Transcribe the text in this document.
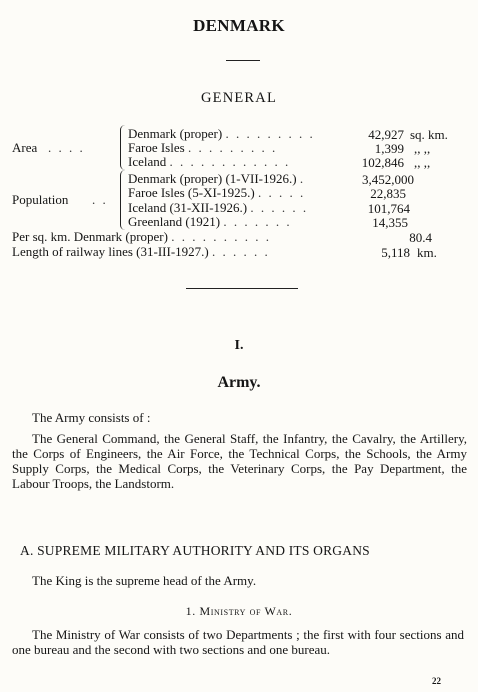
DENMARK
GENERAL
Area . . . .
Denmark (proper) . . . . . . . . .	42,927 sq. km.
Faroe Isles . . . . . . . . .	1,399 ,, ,,
Iceland . . . . . . . . . . . .	102,846 ,, ,,
Population . .
Denmark (proper) (1-VII-1926.) .	3,452,000
Faroe Isles (5-XI-1925.) . . . . .	22,835
Iceland (31-XII-1926.) . . . . . .	101,764
Greenland (1921) . . . . . . .	14,355
Per sq. km. Denmark (proper) . . . . . . . . . .	80.4
Length of railway lines (31-III-1927.) . . . . . .	5,118 km.
I.
Army.
The Army consists of :
The General Command, the General Staff, the Infantry, the Cavalry, the Artillery, the Corps of Engineers, the Air Force, the Technical Corps, the Schools, the Army Supply Corps, the Medical Corps, the Veterinary Corps, the Pay Department, the Labour Troops, the Landstorm.
A. SUPREME MILITARY AUTHORITY AND ITS ORGANS
The King is the supreme head of the Army.
1. Ministry of War.
The Ministry of War consists of two Departments ; the first with four sections and one bureau and the second with two sections and one bureau.
22
